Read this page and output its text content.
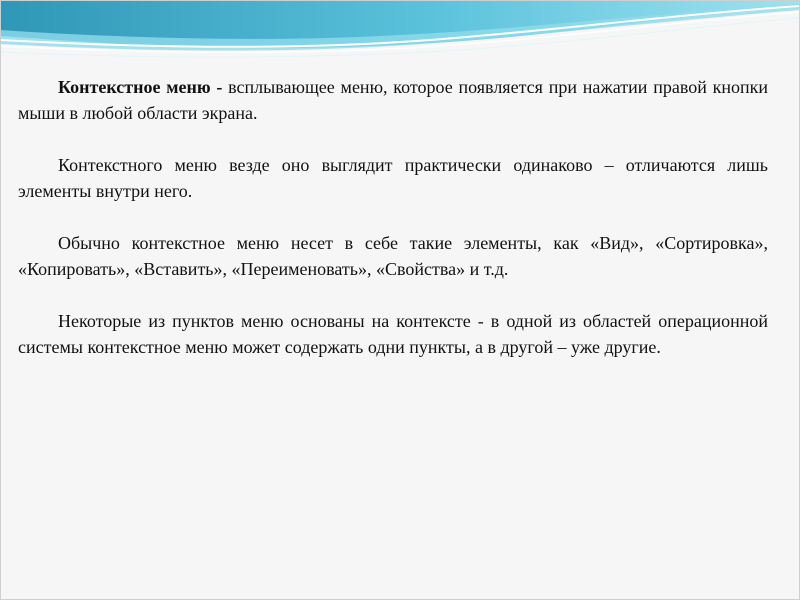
Контекстное меню - всплывающее меню, которое появляется при нажатии правой кнопки мыши в любой области экрана.

Контекстного меню везде оно выглядит практически одинаково – отличаются лишь элементы внутри него.

Обычно контекстное меню несет в себе такие элементы, как «Вид», «Сортировка», «Копировать», «Вставить», «Переименовать», «Свойства» и т.д.

Некоторые из пунктов меню основаны на контексте - в одной из областей операционной системы контекстное меню может содержать одни пункты, а в другой – уже другие.
